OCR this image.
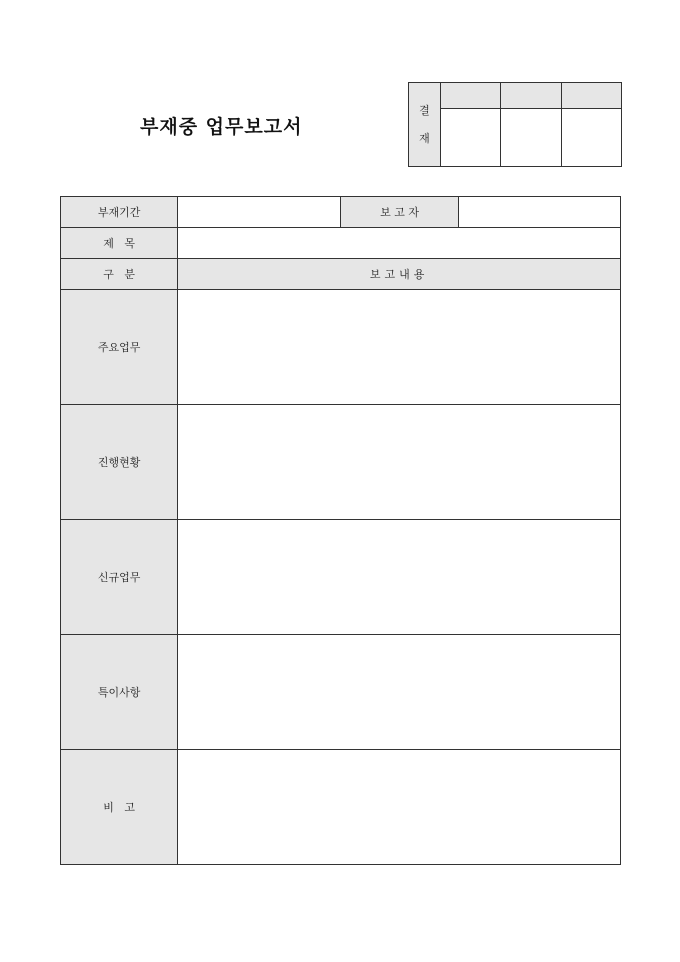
부재중 업무보고서
결
재			

부재기간		보 고 자	
제   목			
구   분	보고내용		
주요업무			
진행현황			
신규업무			
특이사항			
비   고			
